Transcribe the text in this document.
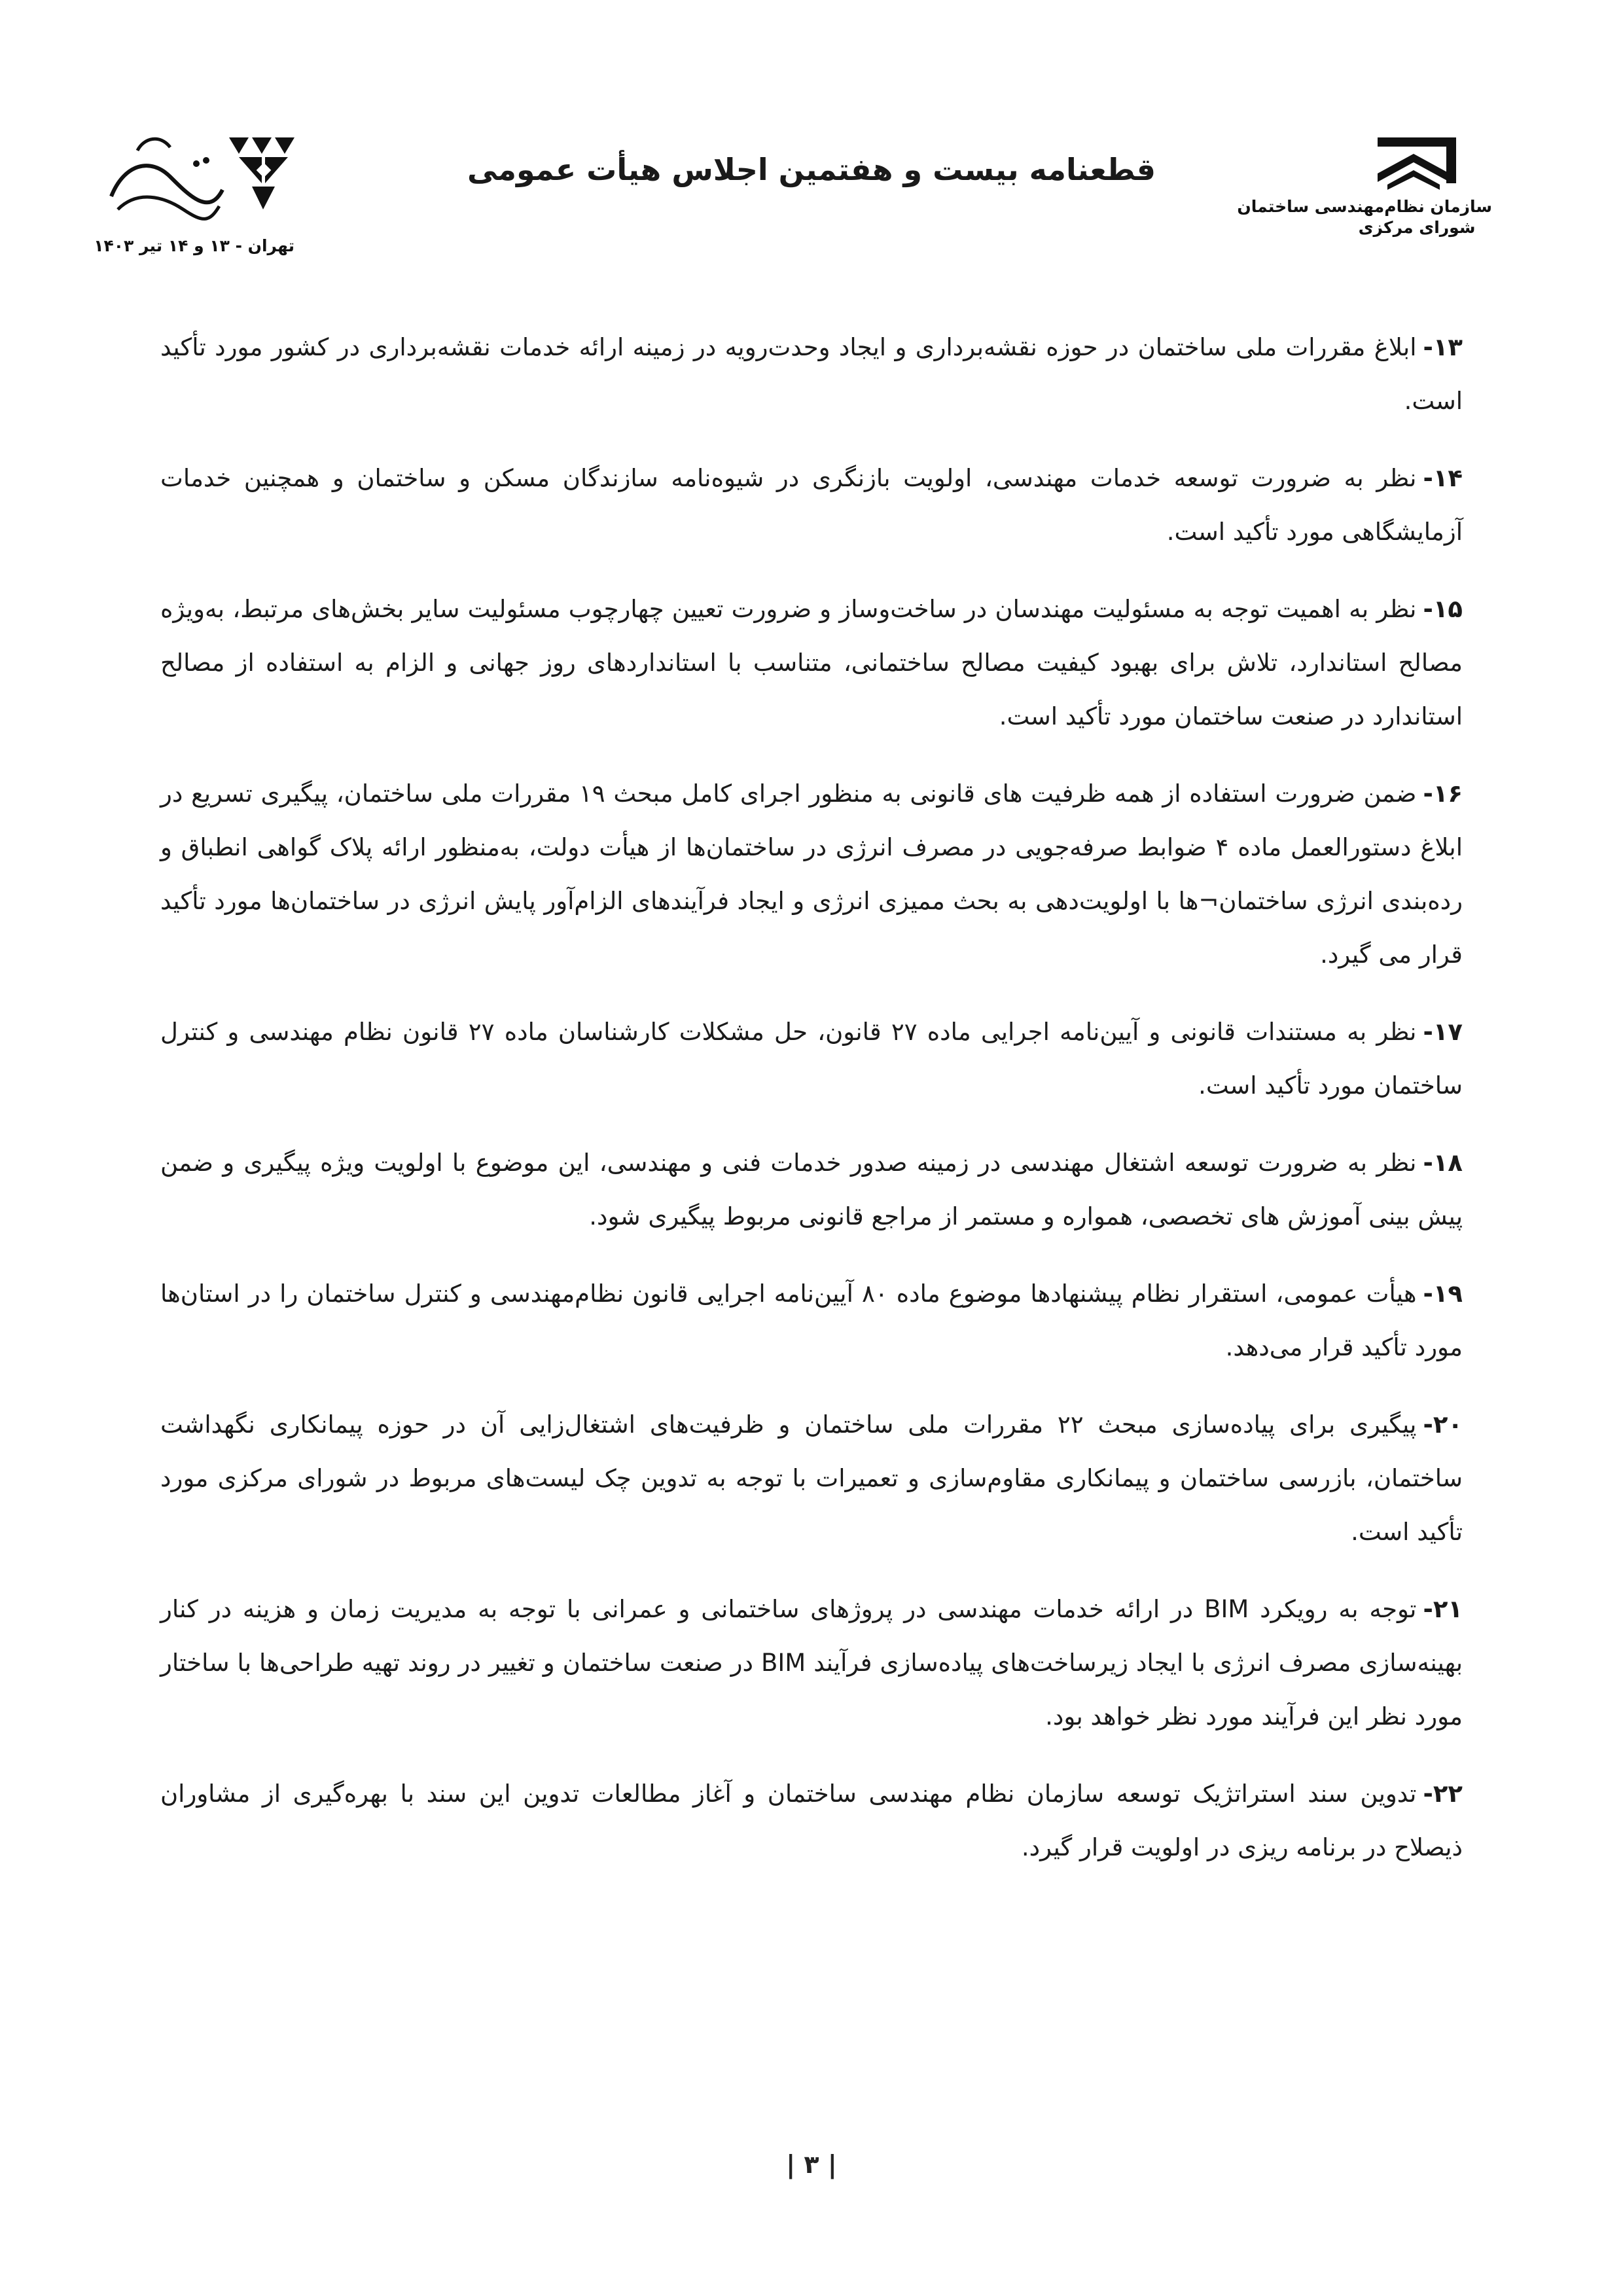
سازمان نظام‌مهندسی ساختمان
شورای مرکزی
قطعنامه بیست و هفتمین اجلاس هیأت عمومی
تهران - ۱۳ و ۱۴ تیر ۱۴۰۳

۱۳-ابلاغ مقررات ملی ساختمان در حوزه نقشه‌برداری و ایجاد وحدت‌رویه در زمینه ارائه خدمات نقشه‌برداری در کشور مورد تأکید است.

۱۴-نظر به ضرورت توسعه خدمات مهندسی، اولویت بازنگری در شیوه‌نامه سازندگان مسکن و ساختمان و همچنین خدمات آزمایشگاهی مورد تأکید است.

۱۵-نظر به اهمیت توجه به مسئولیت مهندسان در ساخت‌وساز و ضرورت تعیین چهارچوب مسئولیت سایر بخش‌های مرتبط، به‌ویژه مصالح استاندارد، تلاش برای بهبود کیفیت مصالح ساختمانی، متناسب با استانداردهای روز جهانی و الزام به استفاده از مصالح استاندارد در صنعت ساختمان مورد تأکید است.

۱۶-ضمن ضرورت استفاده از همه ظرفیت های قانونی به منظور اجرای کامل مبحث ۱۹ مقررات ملی ساختمان، پیگیری تسریع در ابلاغ دستورالعمل ماده ۴ ضوابط صرفه‌جویی در مصرف انرژی در ساختمان‌ها از هیأت دولت، به‌منظور ارائه پلاک گواهی انطباق و رده‌بندی انرژی ساختمان¬ها با اولویت‌دهی به بحث ممیزی انرژی و ایجاد فرآیندهای الزام‌آور پایش انرژی در ساختمان‌ها مورد تأکید قرار می گیرد.

۱۷-نظر به مستندات قانونی و آیین‌نامه اجرایی ماده ۲۷ قانون، حل مشکلات کارشناسان ماده ۲۷ قانون نظام مهندسی و کنترل ساختمان مورد تأکید است.

۱۸-نظر به ضرورت توسعه اشتغال مهندسی در زمینه صدور خدمات فنی و مهندسی، این موضوع با اولویت ویژه پیگیری و ضمن پیش بینی آموزش های تخصصی، همواره و مستمر از مراجع قانونی مربوط پیگیری شود.

۱۹-هیأت عمومی، استقرار نظام پیشنهادها موضوع ماده ۸۰ آیین‌نامه اجرایی قانون نظام‌مهندسی و کنترل ساختمان را در استان‌ها مورد تأکید قرار می‌دهد.

۲۰-پیگیری برای پیاده‌سازی مبحث ۲۲ مقررات ملی ساختمان و ظرفیت‌های اشتغال‌زایی آن در حوزه پیمانکاری نگهداشت ساختمان، بازرسی ساختمان و پیمانکاری مقاوم‌سازی و تعمیرات با توجه به تدوین چک لیست‌های مربوط در شورای مرکزی مورد تأکید است.

۲۱-توجه به رویکرد BIM در ارائه خدمات مهندسی در پروژهای ساختمانی و عمرانی با توجه به مدیریت زمان و هزینه در کنار بهینه‌سازی مصرف انرژی با ایجاد زیرساخت‌های پیاده‌سازی فرآیند BIM در صنعت ساختمان و تغییر در روند تهیه طراحی‌ها با ساختار مورد نظر این فرآیند مورد نظر خواهد بود.

۲۲-تدوین سند استراتژیک توسعه سازمان نظام مهندسی ساختمان و آغاز مطالعات تدوین این سند با بهره‌گیری از مشاوران ذیصلاح در برنامه ریزی در اولویت قرار گیرد.

| ۳ |
